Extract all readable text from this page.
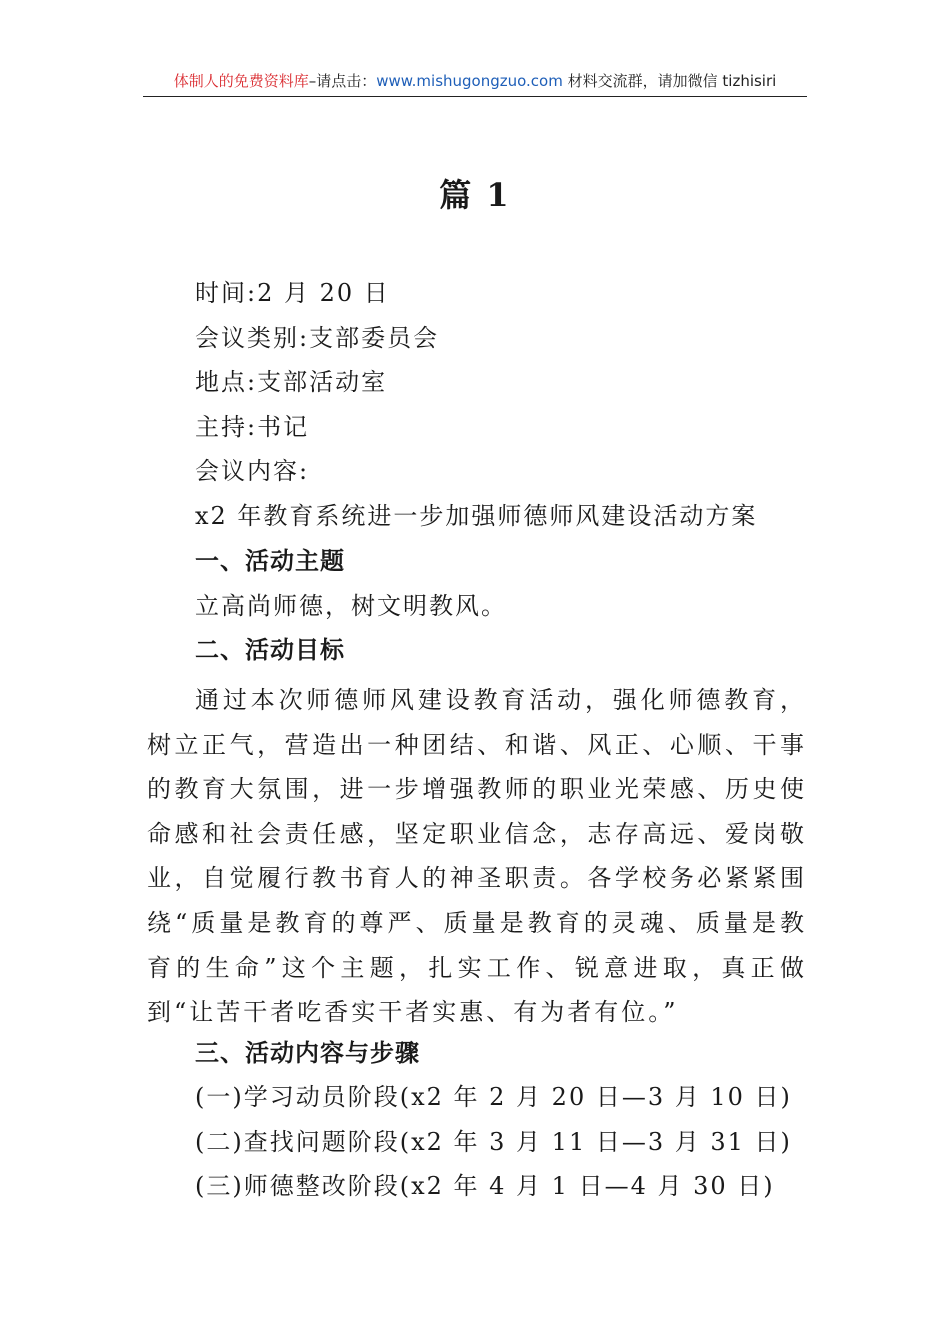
体制人的免费资料库–请点击：www.mishugongzuo.com 材料交流群，请加微信 tizhisiri
篇 1
时间:2 月 20 日
会议类别:支部委员会
地点:支部活动室
主持:书记
会议内容:
x2 年教育系统进一步加强师德师风建设活动方案
一、活动主题
立高尚师德，树文明教风。
二、活动目标
通过本次师德师风建设教育活动，强化师德教育，树立正气，营造出一种团结、和谐、风正、心顺、干事的教育大氛围，进一步增强教师的职业光荣感、历史使命感和社会责任感，坚定职业信念，志存高远、爱岗敬业，自觉履行教书育人的神圣职责。各学校务必紧紧围绕“质量是教育的尊严、质量是教育的灵魂、质量是教育的生命”这个主题，扎实工作、锐意进取，真正做到“让苦干者吃香实干者实惠、有为者有位。”
三、活动内容与步骤
(一)学习动员阶段(x2 年 2 月 20 日—3 月 10 日)
(二)查找问题阶段(x2 年 3 月 11 日—3 月 31 日)
(三)师德整改阶段(x2 年 4 月 1 日—4 月 30 日)
